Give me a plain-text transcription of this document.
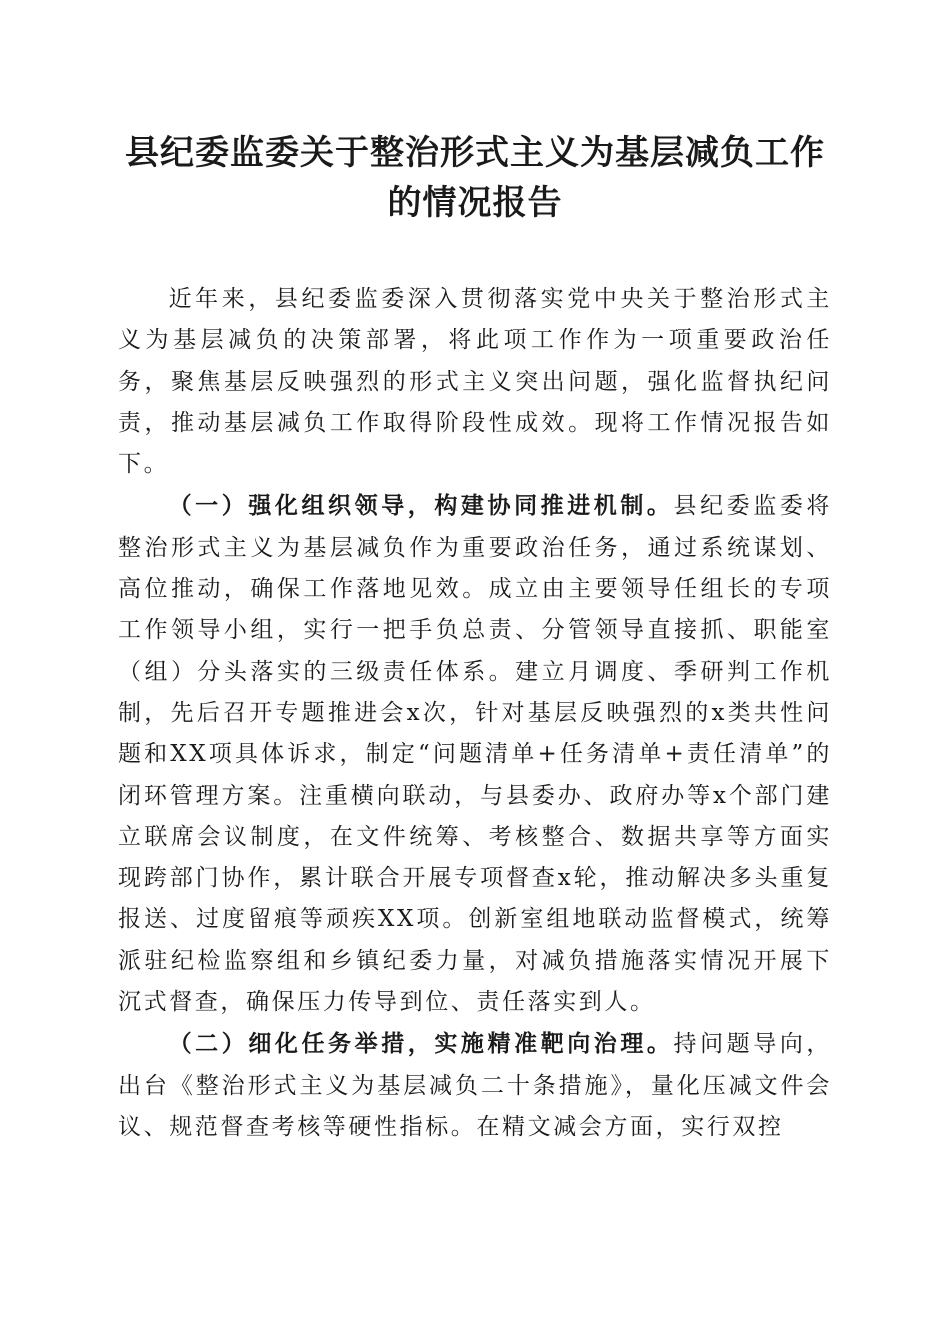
县纪委监委关于整治形式主义为基层减负工作
的情况报告

近年来，县纪委监委深入贯彻落实党中央关于整治形式主义为基层减负的决策部署，将此项工作作为一项重要政治任务，聚焦基层反映强烈的形式主义突出问题，强化监督执纪问责，推动基层减负工作取得阶段性成效。现将工作情况报告如下。

（一）强化组织领导，构建协同推进机制。县纪委监委将整治形式主义为基层减负作为重要政治任务，通过系统谋划、高位推动，确保工作落地见效。成立由主要领导任组长的专项工作领导小组，实行一把手负总责、分管领导直接抓、职能室（组）分头落实的三级责任体系。建立月调度、季研判工作机制，先后召开专题推进会x次，针对基层反映强烈的x类共性问题和XX项具体诉求，制定“问题清单+任务清单+责任清单”的闭环管理方案。注重横向联动，与县委办、政府办等x个部门建立联席会议制度，在文件统筹、考核整合、数据共享等方面实现跨部门协作，累计联合开展专项督查x轮，推动解决多头重复报送、过度留痕等顽疾XX项。创新室组地联动监督模式，统筹派驻纪检监察组和乡镇纪委力量，对减负措施落实情况开展下沉式督查，确保压力传导到位、责任落实到人。

（二）细化任务举措，实施精准靶向治理。持问题导向，出台《整治形式主义为基层减负二十条措施》，量化压减文件会议、规范督查考核等硬性指标。在精文减会方面，实行双控
